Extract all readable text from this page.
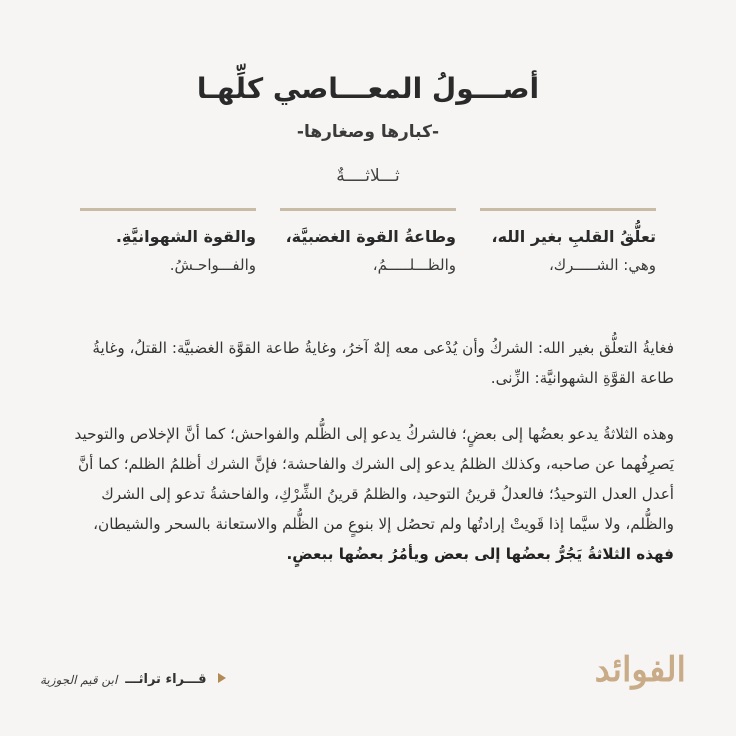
أصـــولُ المعـــاصي كلِّهـا
-كبارها وصغارها-
ثـــلاثــــةٌ
تعلُّقُ القلبِ بغير الله،
وهي: الشـــــرك،
وطاعةُ القوة الغضبيَّة،
والظـــلـــــمُ،
والقوة الشهوانيَّةِ.
والفـــواحـشُ.

فغايةُ التعلُّق بغير الله: الشركُ وأن يُدْعى معه إلهٌ آخرُ، وغايةُ طاعة القوَّة الغضبيَّة: القتلُ، وغايةُ طاعة القوَّةِ الشهوانيَّة: الزِّنى.

وهذه الثلاثةُ يدعو بعضُها إلى بعضٍ؛ فالشركُ يدعو إلى الظُّلم والفواحش؛ كما أنَّ الإخلاص والتوحيد يَصرِفُهما عن صاحبه، وكذلك الظلمُ يدعو إلى الشرك والفاحشة؛ فإنَّ الشرك أظلمُ الظلم؛ كما أنَّ أعدل العدل التوحيدُ؛ فالعدلُ قرينُ التوحيد، والظلمُ قرينُ الشِّرْكِ، والفاحشةُ تدعو إلى الشرك والظُّلم، ولا سيَّما إذا قَويتْ إرادتُها ولم تحصُل إلا بنوعٍ من الظُّلم والاستعانة بالسحر والشيطان، فهذه الثلاثةُ يَجُرُّ بعضُها إلى بعض ويأمُرُ بعضُها ببعضٍ.

ابن قيم الجوزية قـــراء تراثـــ	الفوائد
